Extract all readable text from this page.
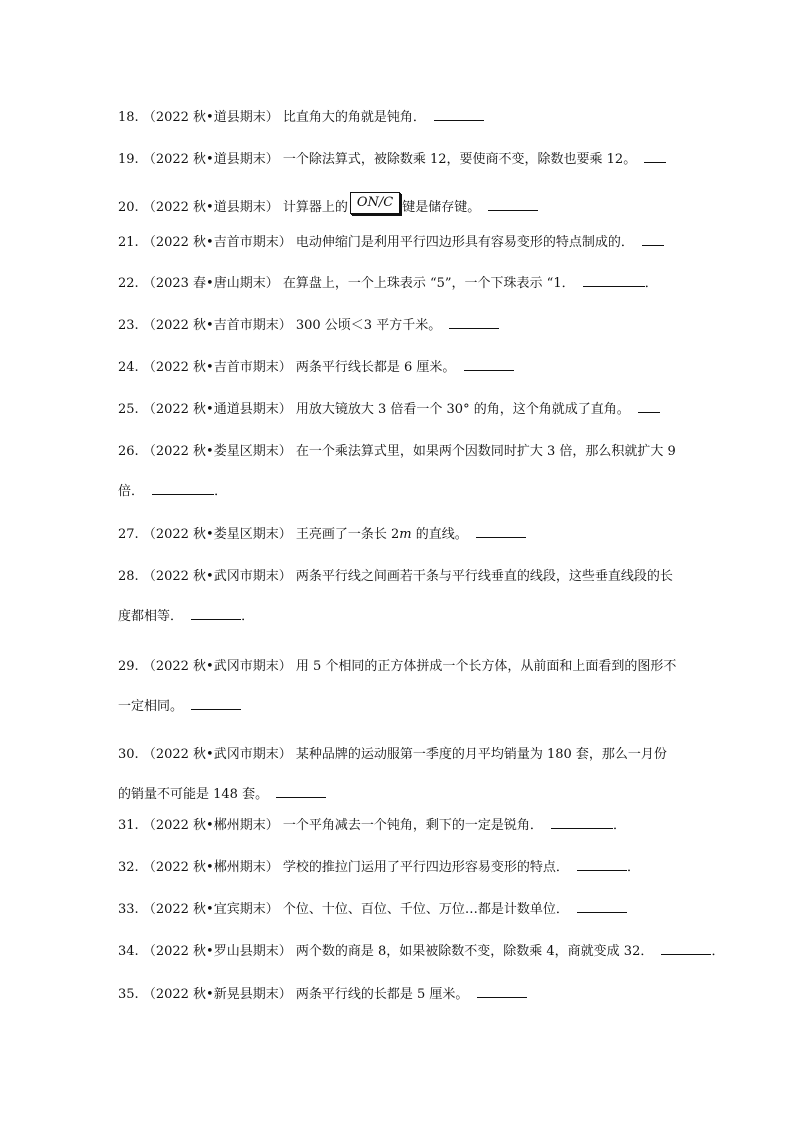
18. （2022 秋•道县期末） 比直角大的角就是钝角．
19. （2022 秋•道县期末） 一个除法算式，被除数乘 12，要使商不变，除数也要乘 12。
20. （2022 秋•道县期末） 计算器上的 ON/C 键是储存键。
21. （2022 秋•吉首市期末） 电动伸缩门是利用平行四边形具有容易变形的特点制成的．
22. （2023 春•唐山期末） 在算盘上，一个上珠表示 “5”，一个下珠表示 “1．	．
23. （2022 秋•吉首市期末） 300 公顷＜3 平方千米。
24. （2022 秋•吉首市期末） 两条平行线长都是 6 厘米。
25. （2022 秋•通道县期末） 用放大镜放大 3 倍看一个 30° 的角，这个角就成了直角。
26. （2022 秋•娄星区期末） 在一个乘法算式里，如果两个因数同时扩大 3 倍，那么积就扩大 9 倍．	．
27. （2022 秋•娄星区期末） 王亮画了一条长 2m 的直线。
28. （2022 秋•武冈市期末） 两条平行线之间画若干条与平行线垂直的线段，这些垂直线段的长度都相等．	．
29. （2022 秋•武冈市期末） 用 5 个相同的正方体拼成一个长方体，从前面和上面看到的图形不一定相同。
30. （2022 秋•武冈市期末） 某种品牌的运动服第一季度的月平均销量为 180 套，那么一月份的销量不可能是 148 套。
31. （2022 秋•郴州期末） 一个平角减去一个钝角，剩下的一定是锐角．	．
32. （2022 秋•郴州期末） 学校的推拉门运用了平行四边形容易变形的特点．	．
33. （2022 秋•宜宾期末） 个位、十位、百位、千位、万位…都是计数单位．
34. （2022 秋•罗山县期末） 两个数的商是 8，如果被除数不变，除数乘 4，商就变成 32．	．
35. （2022 秋•新晃县期末） 两条平行线的长都是 5 厘米。
